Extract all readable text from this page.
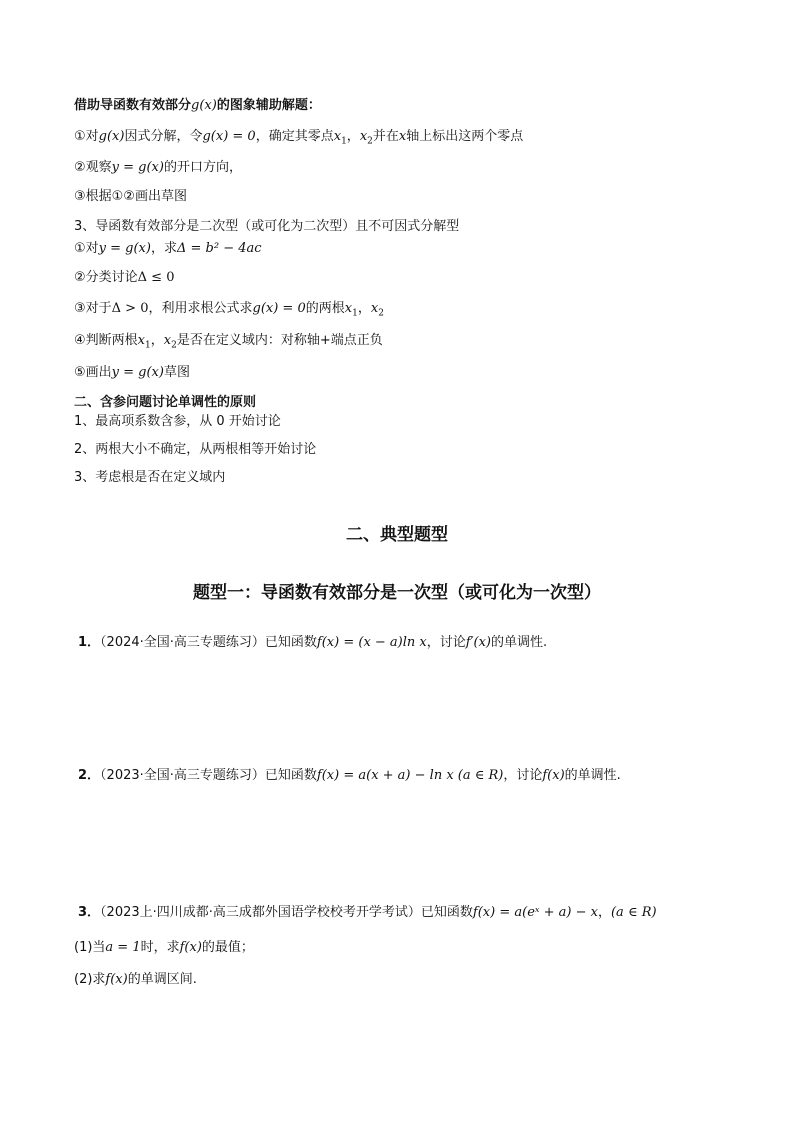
借助导函数有效部分g(x)的图象辅助解题：
①对g(x)因式分解，令g(x) = 0，确定其零点$x_1$，$x_2$并在x轴上标出这两个零点
②观察y = g(x)的开口方向，
③根据①②画出草图
3、导函数有效部分是二次型（或可化为二次型）且不可因式分解型
①对y = g(x)，求Δ = b² − 4ac
②分类讨论Δ ≤ 0
③对于Δ > 0，利用求根公式求g(x) = 0的两根$x_1$，$x_2$
④判断两根$x_1$，$x_2$是否在定义域内：对称轴+端点正负
⑤画出y = g(x)草图
二、含参问题讨论单调性的原则
1、最高项系数含参，从 0 开始讨论
2、两根大小不确定，从两根相等开始讨论
3、考虑根是否在定义域内
二、典型题型
题型一：导函数有效部分是一次型（或可化为一次型）
1．（2024·全国·高三专题练习）已知函数f(x) = (x − a)ln x，讨论f′(x)的单调性.
2．（2023·全国·高三专题练习）已知函数f(x) = a(x + a) − ln x (a ∈ R)，讨论f(x)的单调性.
3．（2023上·四川成都·高三成都外国语学校校考开学考试）已知函数f(x) = a(eˣ + a) − x，(a ∈ R)
(1)当a = 1时，求f(x)的最值；
(2)求f(x)的单调区间.
